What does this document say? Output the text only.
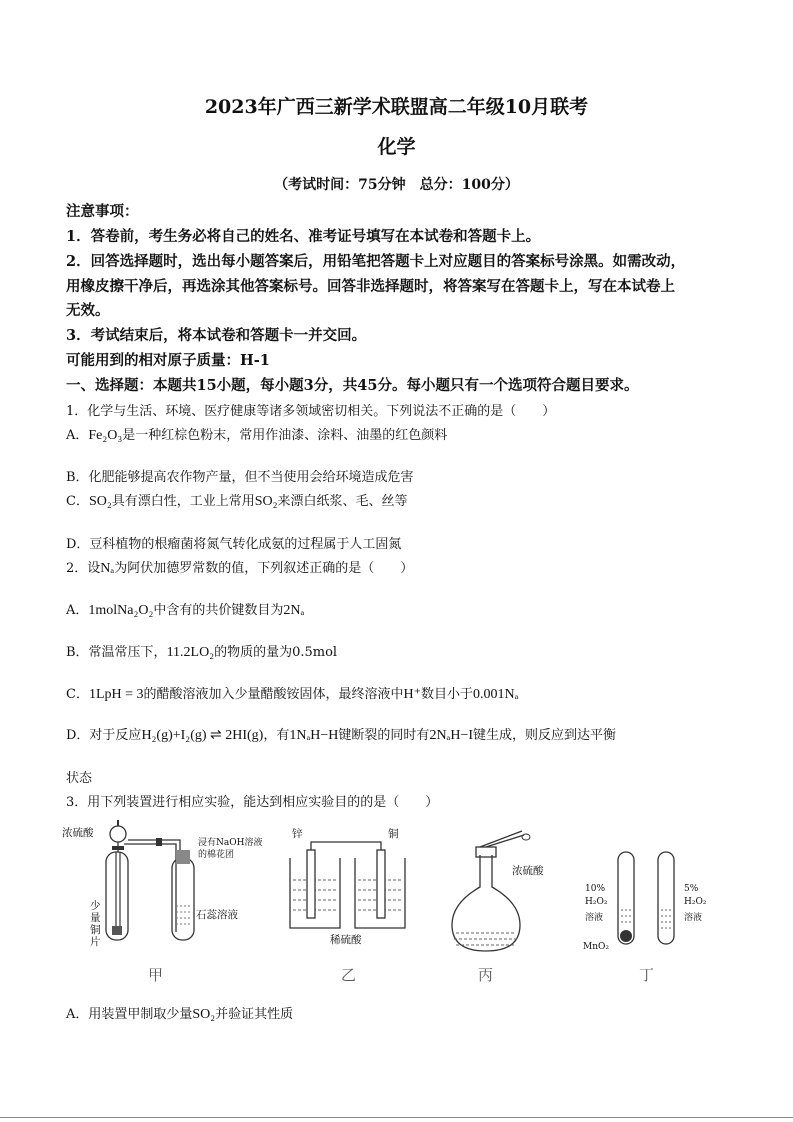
2023年广西三新学术联盟高二年级10月联考
化学
（考试时间：75分钟　总分：100分）
注意事项：
1．答卷前，考生务必将自己的姓名、准考证号填写在本试卷和答题卡上。
2．回答选择题时，选出每小题答案后，用铅笔把答题卡上对应题目的答案标号涂黑。如需改动，
用橡皮擦干净后，再选涂其他答案标号。回答非选择题时，将答案写在答题卡上，写在本试卷上
无效。
3．考试结束后，将本试卷和答题卡一并交回。
可能用到的相对原子质量：H-1
一、选择题：本题共15小题，每小题3分，共45分。每小题只有一个选项符合题目要求。
1．化学与生活、环境、医疗健康等诸多领域密切相关。下列说法不正确的是（　　）
A．Fe₂O₃是一种红棕色粉末，常用作油漆、涂料、油墨的红色颜料
B．化肥能够提高农作物产量，但不当使用会给环境造成危害
C．SO₂具有漂白性，工业上常用SO₂来漂白纸浆、毛、丝等
D．豆科植物的根瘤菌将氮气转化成氨的过程属于人工固氮
2．设Nₐ为阿伏加德罗常数的值，下列叙述正确的是（　　）
A．1molNa₂O₂中含有的共价键数目为2Nₐ
B．常温常压下，11.2LO₂的物质的量为0.5mol
C．1LpH = 3的醋酸溶液加入少量醋酸铵固体，最终溶液中H⁺数目小于0.001Nₐ
D．对于反应H₂(g)+I₂(g) ⇌ 2HI(g)，有1NₐH−H键断裂的同时有2NₐH−I键生成，则反应到达平衡
状态
3．用下列装置进行相应实验，能达到相应实验目的的是（　　）
浓硫酸
浸有NaOH溶液
的棉花团
少
量
铜
片
石蕊溶液
甲
锌	铜
稀硫酸
乙
浓硫酸
丙
10%
H₂O₂
溶液
MnO₂
5%
H₂O₂
溶液
丁
A．用装置甲制取少量SO₂并验证其性质
